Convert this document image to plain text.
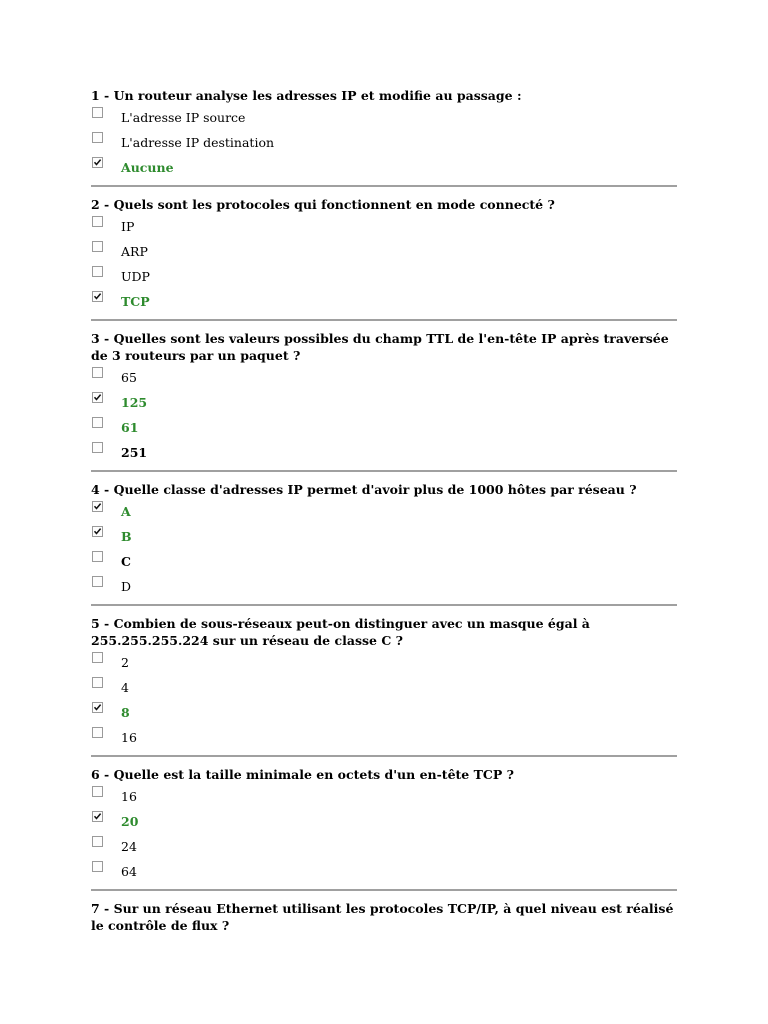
1 - Un routeur analyse les adresses IP et modifie au passage :
L'adresse IP source
L'adresse IP destination
Aucune
2 - Quels sont les protocoles qui fonctionnent en mode connecté ?
IP
ARP
UDP
TCP
3 - Quelles sont les valeurs possibles du champ TTL de l'en-tête IP après traversée de 3 routeurs par un paquet ?
65
125
61
251
4 - Quelle classe d'adresses IP permet d'avoir plus de 1000 hôtes par réseau ?
A
B
C
D
5 - Combien de sous-réseaux peut-on distinguer avec un masque égal à 255.255.255.224 sur un réseau de classe C ?
2
4
8
16
6 - Quelle est la taille minimale en octets d'un en-tête TCP ?
16
20
24
64
7 - Sur un réseau Ethernet utilisant les protocoles TCP/IP, à quel niveau est réalisé le contrôle de flux ?
